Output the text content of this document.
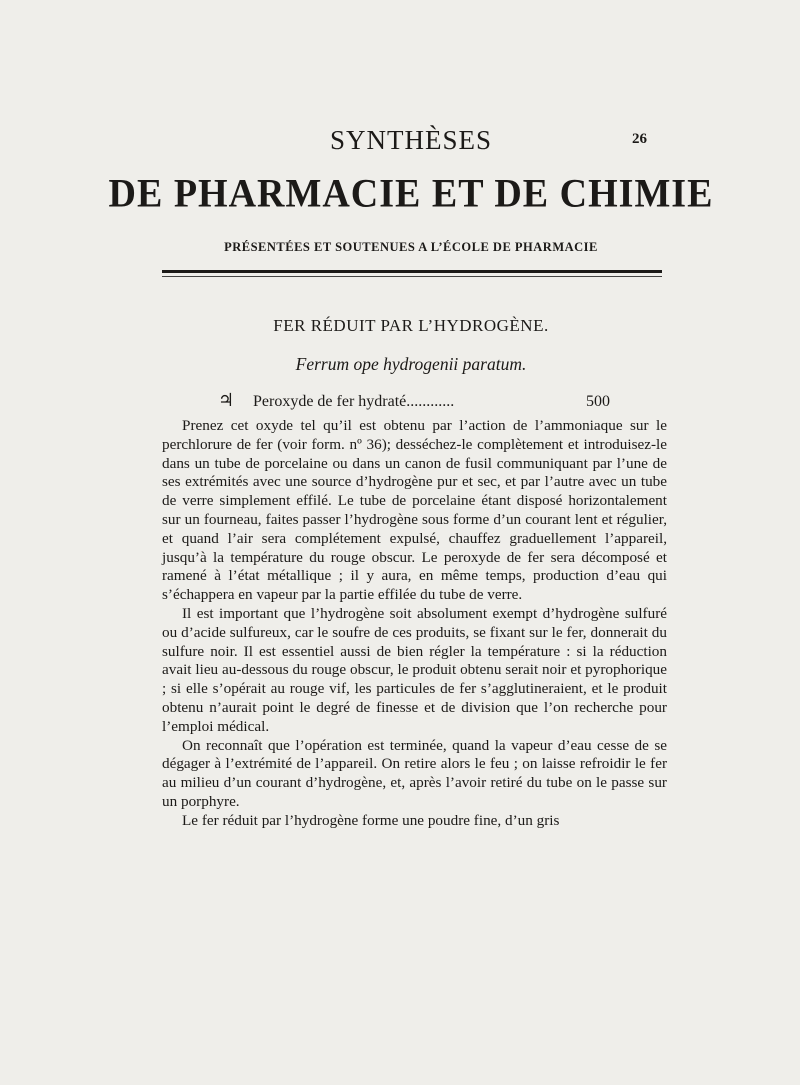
26
SYNTHÈSES
DE PHARMACIE ET DE CHIMIE
PRÉSENTÉES ET SOUTENUES A L’ÉCOLE DE PHARMACIE
FER RÉDUIT PAR L’HYDROGÈNE.
Ferrum ope hydrogenii paratum.
♃	Peroxyde de fer hydraté............	500

Prenez cet oxyde tel qu’il est obtenu par l’action de l’ammoniaque sur le perchlorure de fer (voir form. nº 36); desséchez-le complètement et introduisez-le dans un tube de porcelaine ou dans un canon de fusil communiquant par l’une de ses extrémités avec une source d’hydrogène pur et sec, et par l’autre avec un tube de verre simplement effilé. Le tube de porcelaine étant disposé horizontalement sur un fourneau, faites passer l’hydrogène sous forme d’un courant lent et régulier, et quand l’air sera complétement expulsé, chauffez graduellement l’appareil, jusqu’à la température du rouge obscur. Le peroxyde de fer sera décomposé et ramené à l’état métallique ; il y aura, en même temps, production d’eau qui s’échappera en vapeur par la partie effilée du tube de verre.

Il est important que l’hydrogène soit absolument exempt d’hydrogène sulfuré ou d’acide sulfureux, car le soufre de ces produits, se fixant sur le fer, donnerait du sulfure noir. Il est essentiel aussi de bien régler la température : si la réduction avait lieu au-dessous du rouge obscur, le produit obtenu serait noir et pyrophorique ; si elle s’opérait au rouge vif, les particules de fer s’agglutineraient, et le produit obtenu n’aurait point le degré de finesse et de division que l’on recherche pour l’emploi médical.

On reconnaît que l’opération est terminée, quand la vapeur d’eau cesse de se dégager à l’extrémité de l’appareil. On retire alors le feu ; on laisse refroidir le fer au milieu d’un courant d’hydrogène, et, après l’avoir retiré du tube on le passe sur un porphyre.

Le fer réduit par l’hydrogène forme une poudre fine, d’un gris
